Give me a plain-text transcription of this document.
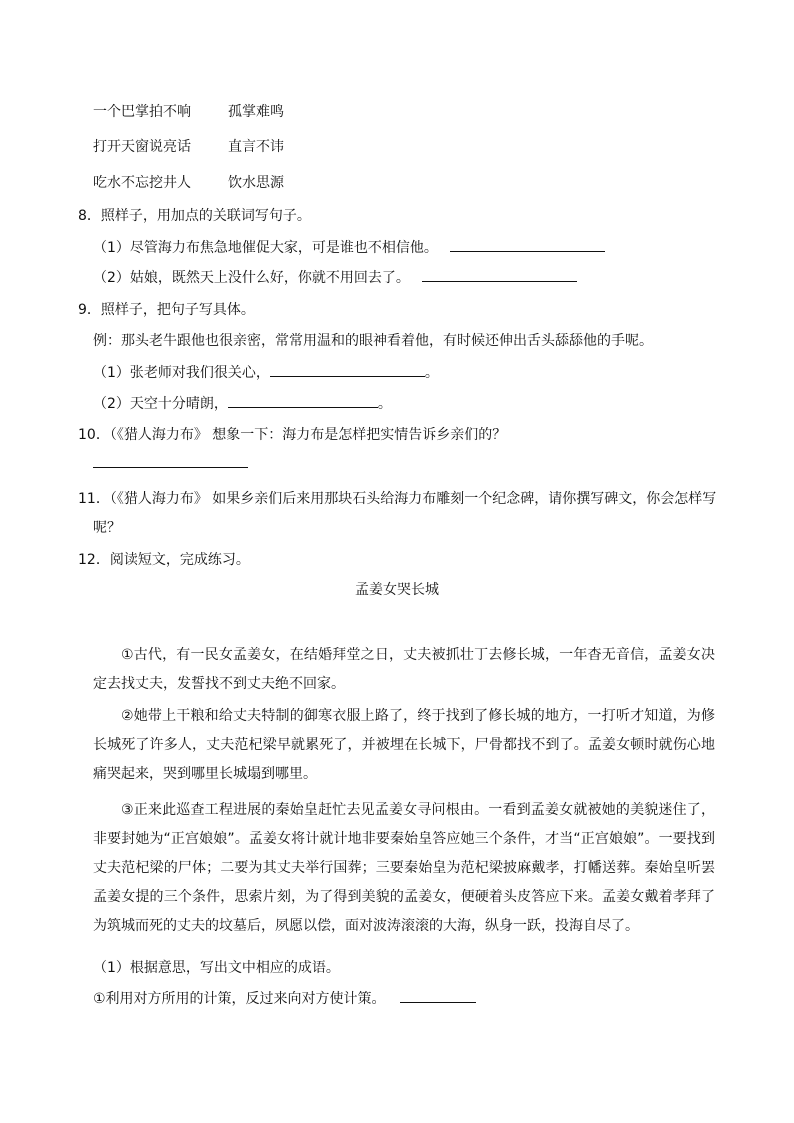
一个巴掌拍不响	孤掌难鸣
打开天窗说亮话	直言不讳
吃水不忘挖井人	饮水思源
8．照样子，用加点的关联词写句子。
（1）尽管海力布焦急地催促大家，可是谁也不相信他。
（2）姑娘，既然天上没什么好，你就不用回去了。
9．照样子，把句子写具体。
例：那头老牛跟他也很亲密，常常用温和的眼神看着他，有时候还伸出舌头舔舔他的手呢。
（1）张老师对我们很关心，	。
（2）天空十分晴朗，	。
10．（《猎人海力布》 想象一下：海力布是怎样把实情告诉乡亲们的？
11．（《猎人海力布》 如果乡亲们后来用那块石头给海力布雕刻一个纪念碑，请你撰写碑文，你会怎样写
呢？
12．阅读短文，完成练习。
孟姜女哭长城
①古代，有一民女孟姜女，在结婚拜堂之日，丈夫被抓壮丁去修长城，一年杳无音信，孟姜女决定去找丈夫，发誓找不到丈夫绝不回家。
②她带上干粮和给丈夫特制的御寒衣服上路了，终于找到了修长城的地方，一打听才知道，为修长城死了许多人，丈夫范杞梁早就累死了，并被埋在长城下，尸骨都找不到了。孟姜女顿时就伤心地痛哭起来，哭到哪里长城塌到哪里。
③正来此巡查工程进展的秦始皇赶忙去见孟姜女寻问根由。一看到孟姜女就被她的美貌迷住了，非要封她为“正宫娘娘”。孟姜女将计就计地非要秦始皇答应她三个条件，才当“正宫娘娘”。一要找到丈夫范杞梁的尸体；二要为其丈夫举行国葬；三要秦始皇为范杞梁披麻戴孝，打幡送葬。秦始皇听罢孟姜女提的三个条件，思索片刻，为了得到美貌的孟姜女，便硬着头皮答应下来。孟姜女戴着孝拜了为筑城而死的丈夫的坟墓后，夙愿以偿，面对波涛滚滚的大海，纵身一跃，投海自尽了。
（1）根据意思，写出文中相应的成语。
①利用对方所用的计策，反过来向对方使计策。
